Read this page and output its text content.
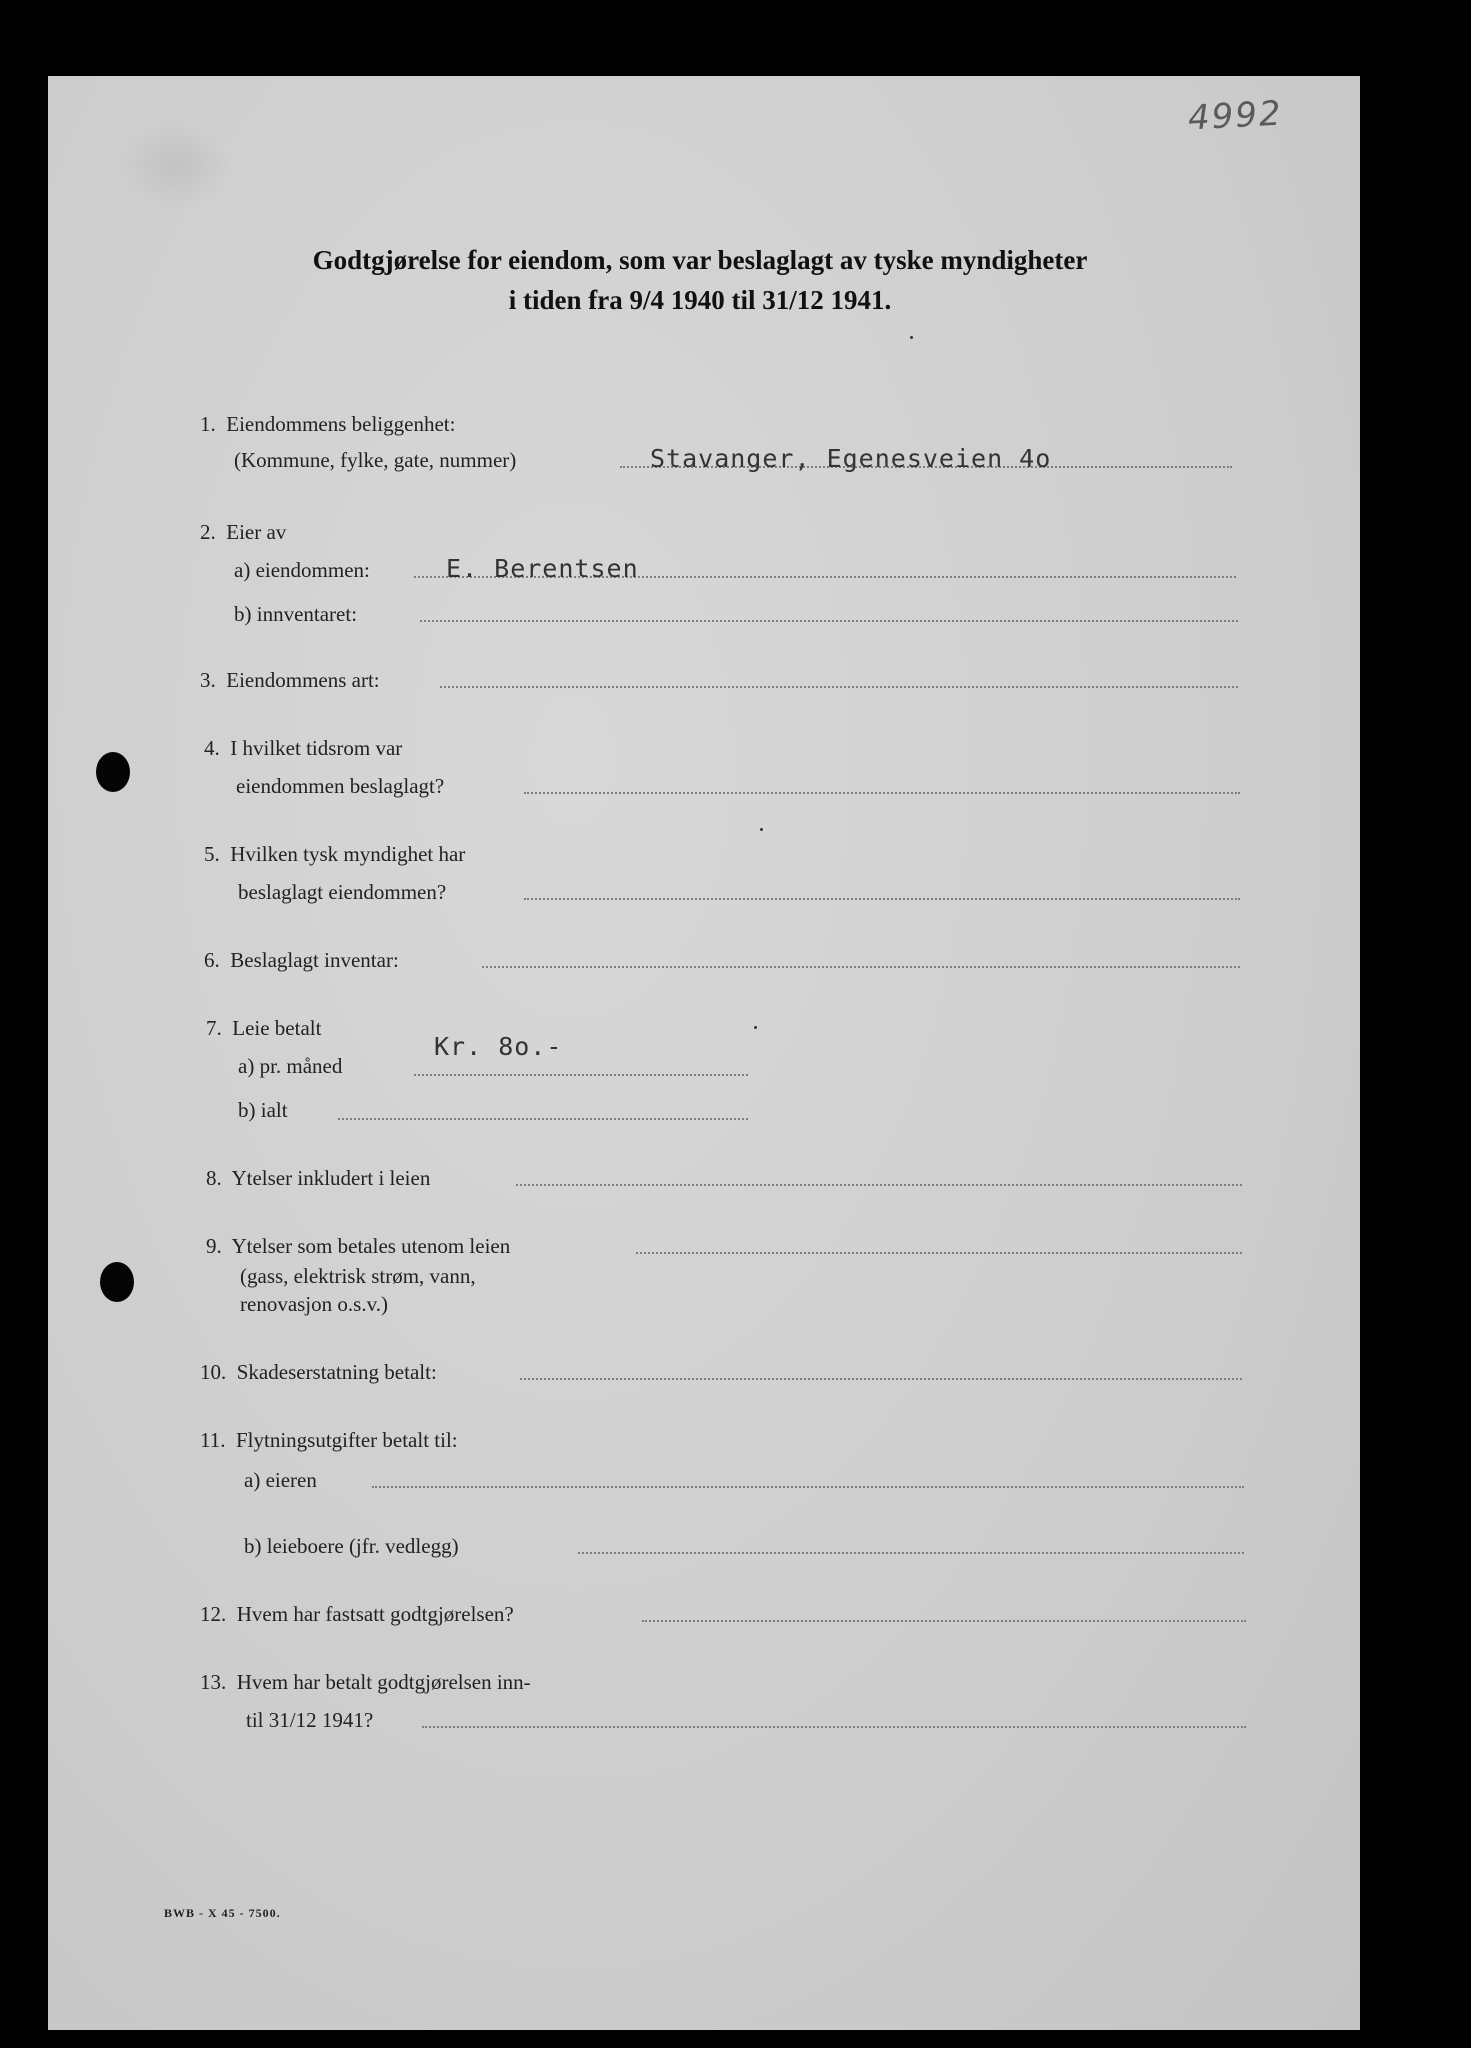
4992
Godtgjørelse for eiendom, som var beslaglagt av tyske myndigheter
i tiden fra 9/4 1940 til 31/12 1941.
1. Eiendommens beliggenhet:
(Kommune, fylke, gate, nummer)	Stavanger, Egenesveien 4o
2. Eier av
a) eiendommen:	E. Berentsen
b) innventaret:
3. Eiendommens art:
4. I hvilket tidsrom var
eiendommen beslaglagt?
5. Hvilken tysk myndighet har
beslaglagt eiendommen?
6. Beslaglagt inventar:
7. Leie betalt
a) pr. måned
Kr. 8o.-
b) ialt
8. Ytelser inkludert i leien
9. Ytelser som betales utenom leien
(gass, elektrisk strøm, vann,
renovasjon o.s.v.)
10. Skadeserstatning betalt:
11. Flytningsutgifter betalt til:
a) eieren
b) leieboere (jfr. vedlegg)
12. Hvem har fastsatt godtgjørelsen?
13. Hvem har betalt godtgjørelsen inn-
til 31/12 1941?
BWB - X 45 - 7500.
